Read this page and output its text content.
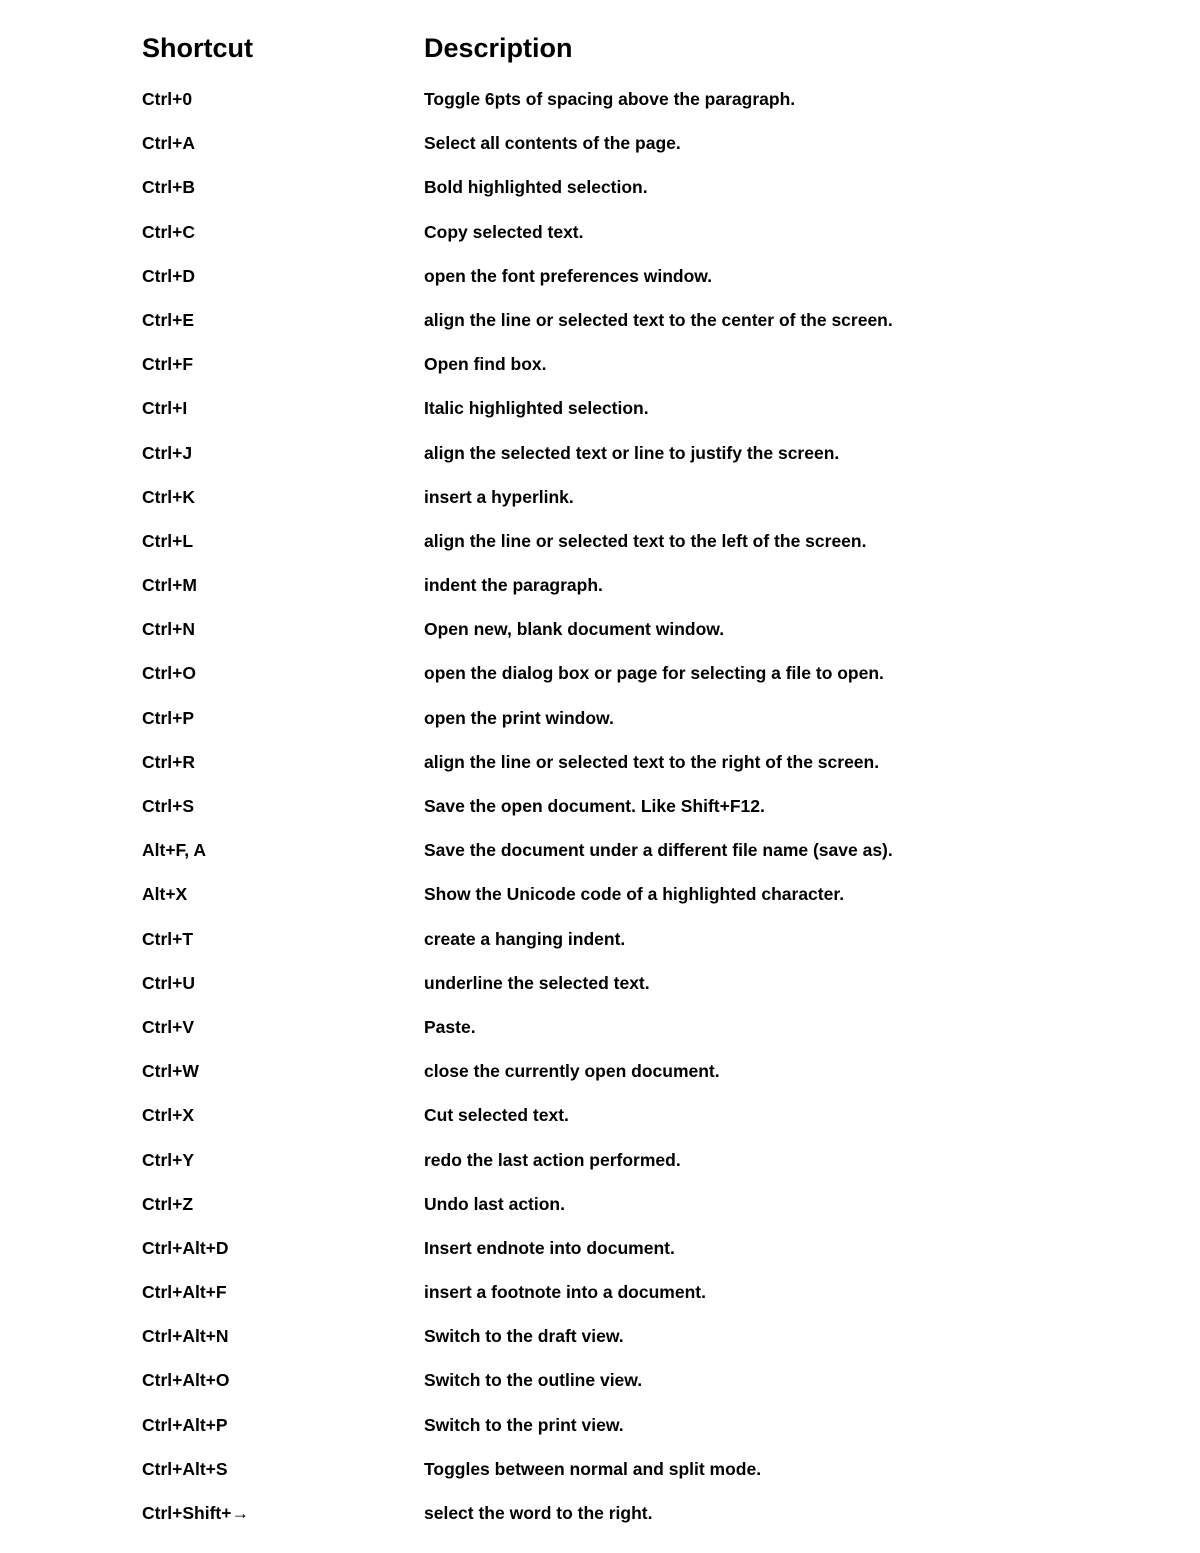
Shortcut	Description
Ctrl+0	Toggle 6pts of spacing above the paragraph.
Ctrl+A	Select all contents of the page.
Ctrl+B	Bold highlighted selection.
Ctrl+C	Copy selected text.
Ctrl+D	open the font preferences window.
Ctrl+E	align the line or selected text to the center of the screen.
Ctrl+F	Open find box.
Ctrl+I	Italic highlighted selection.
Ctrl+J	align the selected text or line to justify the screen.
Ctrl+K	insert a hyperlink.
Ctrl+L	align the line or selected text to the left of the screen.
Ctrl+M	indent the paragraph.
Ctrl+N	Open new, blank document window.
Ctrl+O	open the dialog box or page for selecting a file to open.
Ctrl+P	open the print window.
Ctrl+R	align the line or selected text to the right of the screen.
Ctrl+S	Save the open document. Like Shift+F12.
Alt+F, A	Save the document under a different file name (save as).
Alt+X	Show the Unicode code of a highlighted character.
Ctrl+T	create a hanging indent.
Ctrl+U	underline the selected text.
Ctrl+V	Paste.
Ctrl+W	close the currently open document.
Ctrl+X	Cut selected text.
Ctrl+Y	redo the last action performed.
Ctrl+Z	Undo last action.
Ctrl+Alt+D	Insert endnote into document.
Ctrl+Alt+F	insert a footnote into a document.
Ctrl+Alt+N	Switch to the draft view.
Ctrl+Alt+O	Switch to the outline view.
Ctrl+Alt+P	Switch to the print view.
Ctrl+Alt+S	Toggles between normal and split mode.
Ctrl+Shift+→	select the word to the right.
